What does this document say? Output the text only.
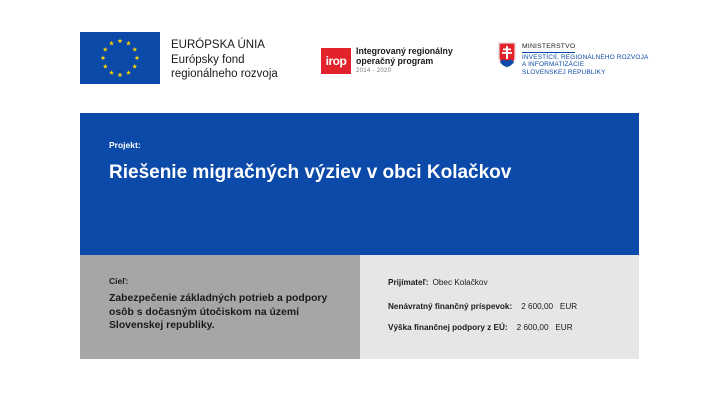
EURÓPSKA ÚNIA
Európsky fond
regionálneho rozvoja
irop
Integrovaný regionálny
operačný program
2014 - 2020
MINISTERSTVO
INVESTÍCIÍ, REGIONÁLNEHO ROZVOJA
A INFORMATIZÁCIE
SLOVENSKEJ REPUBLIKY
Projekt:
Riešenie migračných výziev v obci Kolačkov
Cieľ:
Zabezpečenie základných potrieb a podpory osôb s dočasným útočiskom na území Slovenskej republiky.
Prijímateľ: Obec Kolačkov
Nenávratný finančný príspevok: 2 600,00   EUR
Výška finančnej podpory z EÚ: 2 600,00   EUR
